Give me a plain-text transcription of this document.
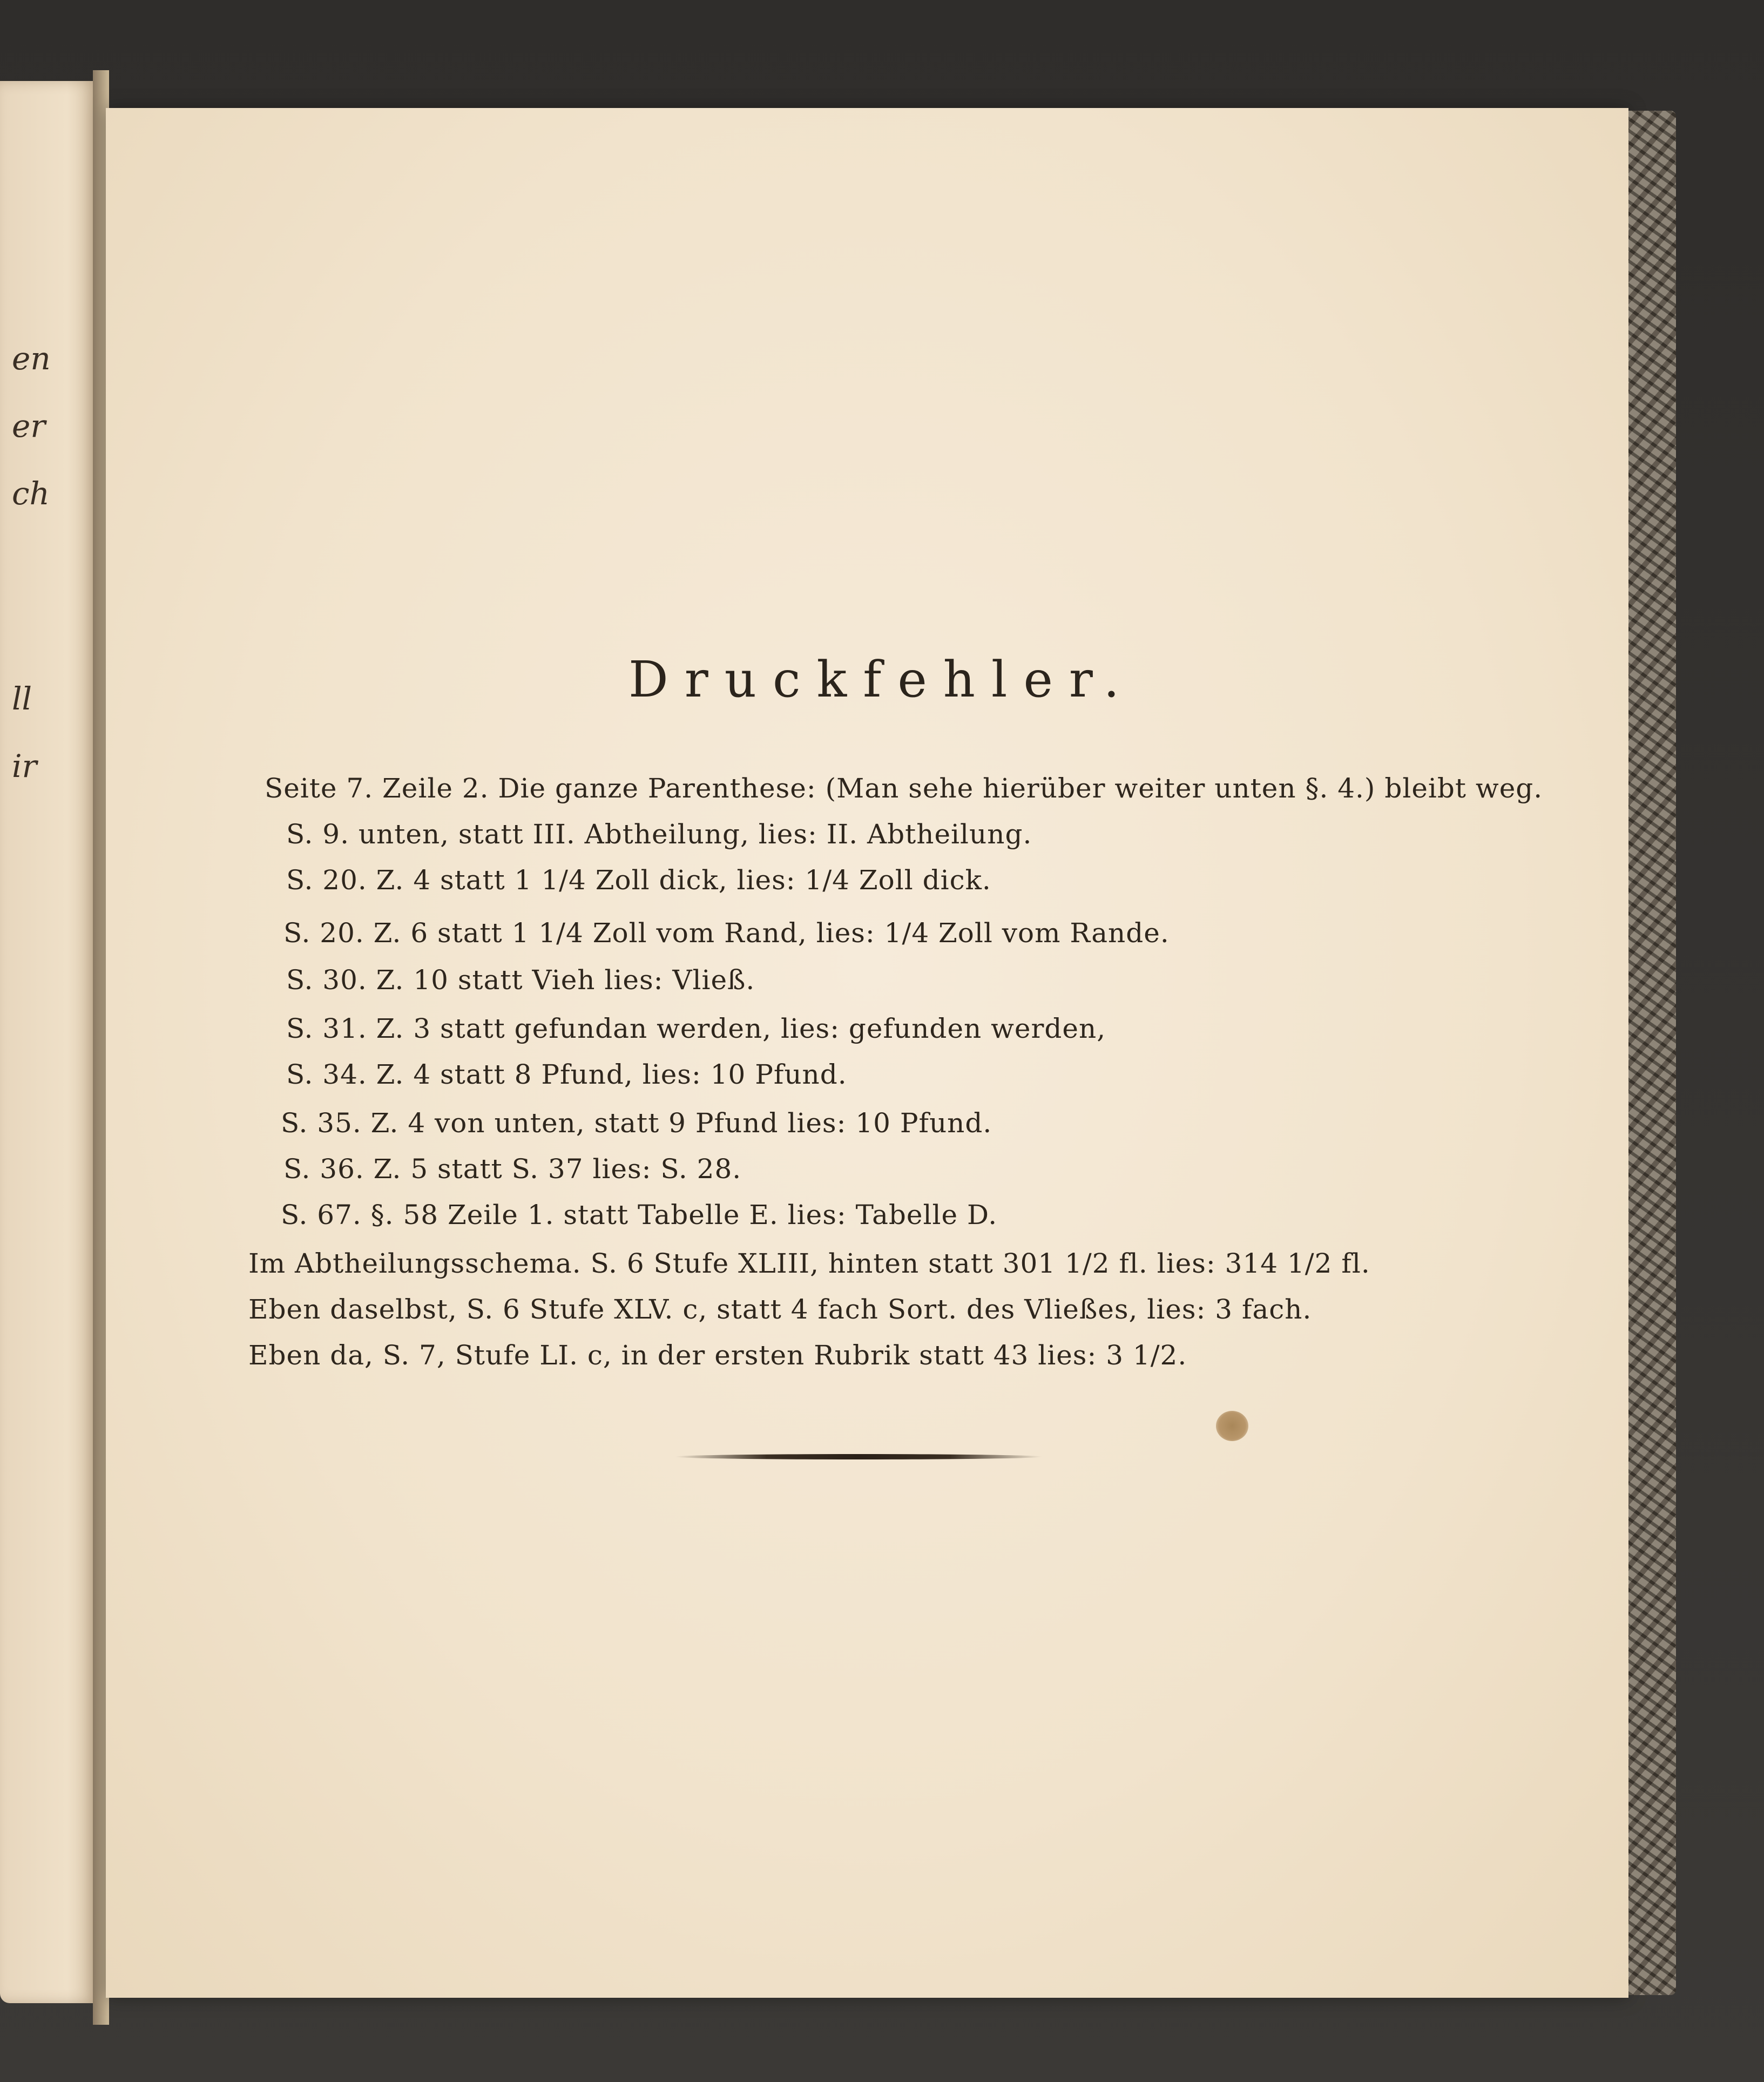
en
er
ch
ll
ir
Druckfehler.
Seite 7. Zeile 2. Die ganze Parenthese: (Man sehe hierüber weiter unten §. 4.) bleibt weg.
S. 9. unten, statt III. Abtheilung, lies: II. Abtheilung.
S. 20. Z. 4 statt 1 1/4 Zoll dick, lies: 1/4 Zoll dick.
S. 20. Z. 6 statt 1 1/4 Zoll vom Rand, lies: 1/4 Zoll vom Rande.
S. 30. Z. 10 statt Vieh lies: Vließ.
S. 31. Z. 3 statt gefundan werden, lies: gefunden werden,
S. 34. Z. 4 statt 8 Pfund, lies: 10 Pfund.
S. 35. Z. 4 von unten, statt 9 Pfund lies: 10 Pfund.
S. 36. Z. 5 statt S. 37 lies: S. 28.
S. 67. §. 58 Zeile 1. statt Tabelle E. lies: Tabelle D.
Im Abtheilungsschema. S. 6 Stufe XLIII, hinten statt 301 1/2 fl. lies: 314 1/2 fl.
Eben daselbst, S. 6 Stufe XLV. c, statt 4 fach Sort. des Vließes, lies: 3 fach.
Eben da, S. 7, Stufe LI. c, in der ersten Rubrik statt 43 lies: 3 1/2.
